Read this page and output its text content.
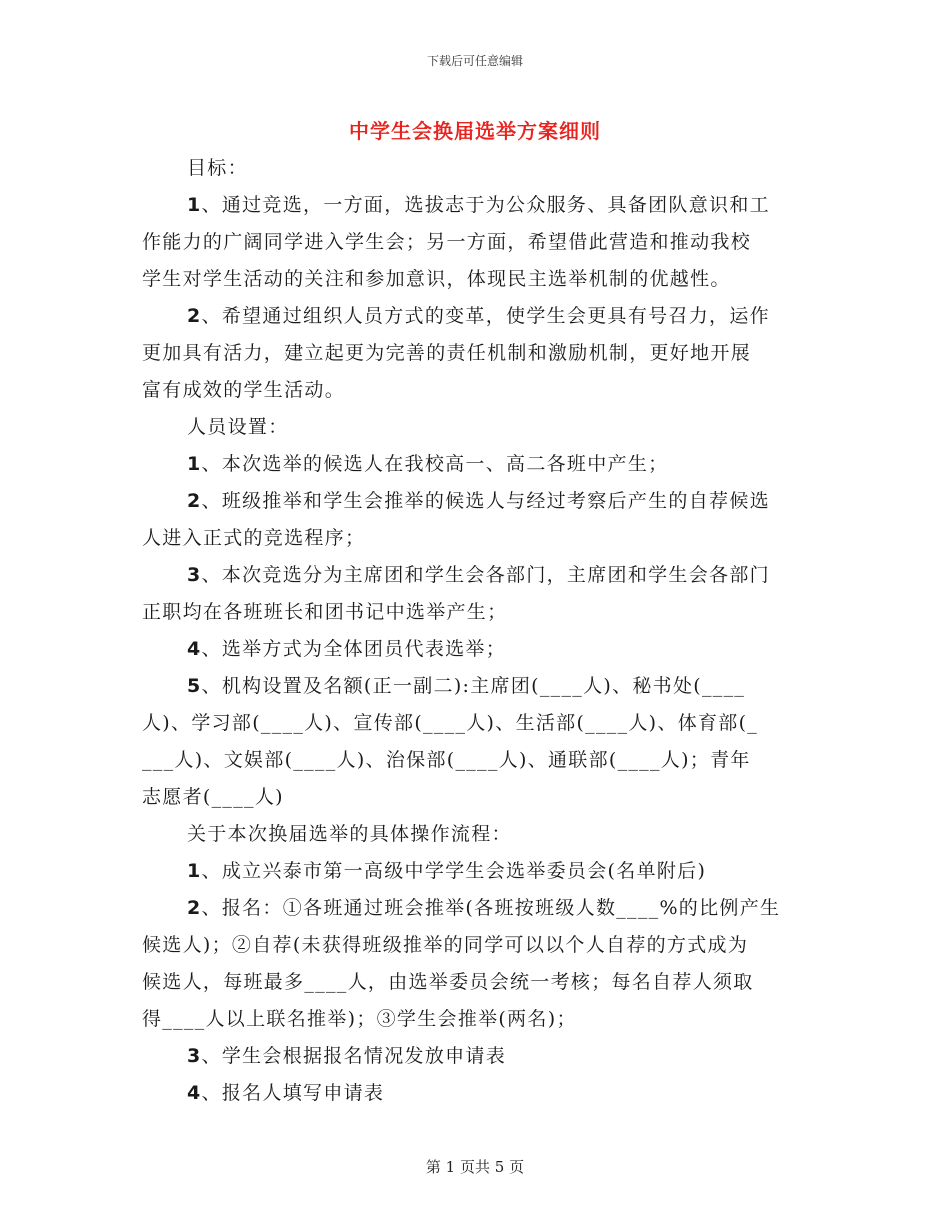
下载后可任意编辑
中学生会换届选举方案细则
目标：
1、通过竞选，一方面，选拔志于为公众服务、具备团队意识和工
作能力的广阔同学进入学生会；另一方面，希望借此营造和推动我校
学生对学生活动的关注和参加意识，体现民主选举机制的优越性。
2、希望通过组织人员方式的变革，使学生会更具有号召力，运作
更加具有活力，建立起更为完善的责任机制和激励机制，更好地开展
富有成效的学生活动。
人员设置：
1、本次选举的候选人在我校高一、高二各班中产生；
2、班级推举和学生会推举的候选人与经过考察后产生的自荐候选
人进入正式的竞选程序；
3、本次竞选分为主席团和学生会各部门，主席团和学生会各部门
正职均在各班班长和团书记中选举产生；
4、选举方式为全体团员代表选举；
5、机构设置及名额(正一副二):主席团(____人)、秘书处(____
人)、学习部(____人)、宣传部(____人)、生活部(____人)、体育部(_
___人)、文娱部(____人)、治保部(____人)、通联部(____人)；青年
志愿者(____人)
关于本次换届选举的具体操作流程：
1、成立兴泰市第一高级中学学生会选举委员会(名单附后)
2、报名：①各班通过班会推举(各班按班级人数____%的比例产生
候选人)；②自荐(未获得班级推举的同学可以以个人自荐的方式成为
候选人，每班最多____人，由选举委员会统一考核；每名自荐人须取
得____人以上联名推举)；③学生会推举(两名)；
3、学生会根据报名情况发放申请表
4、报名人填写申请表
第 1 页共 5 页
